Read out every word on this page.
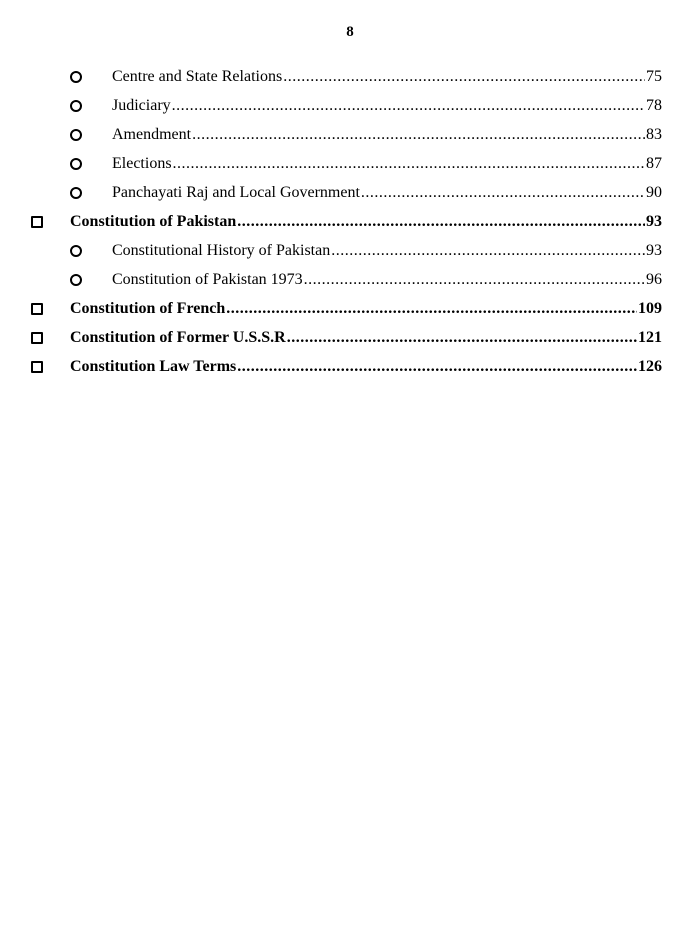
8
Centre and State Relations .....	75
Judiciary .....	78
Amendment .....	83
Elections .....	87
Panchayati Raj and Local Government .....	90
Constitution of Pakistan .....	93
Constitutional History of Pakistan .....	93
Constitution of Pakistan 1973 .....	96
Constitution of French .....	109
Constitution of Former U.S.S.R .....	121
Constitution Law Terms .....	126
